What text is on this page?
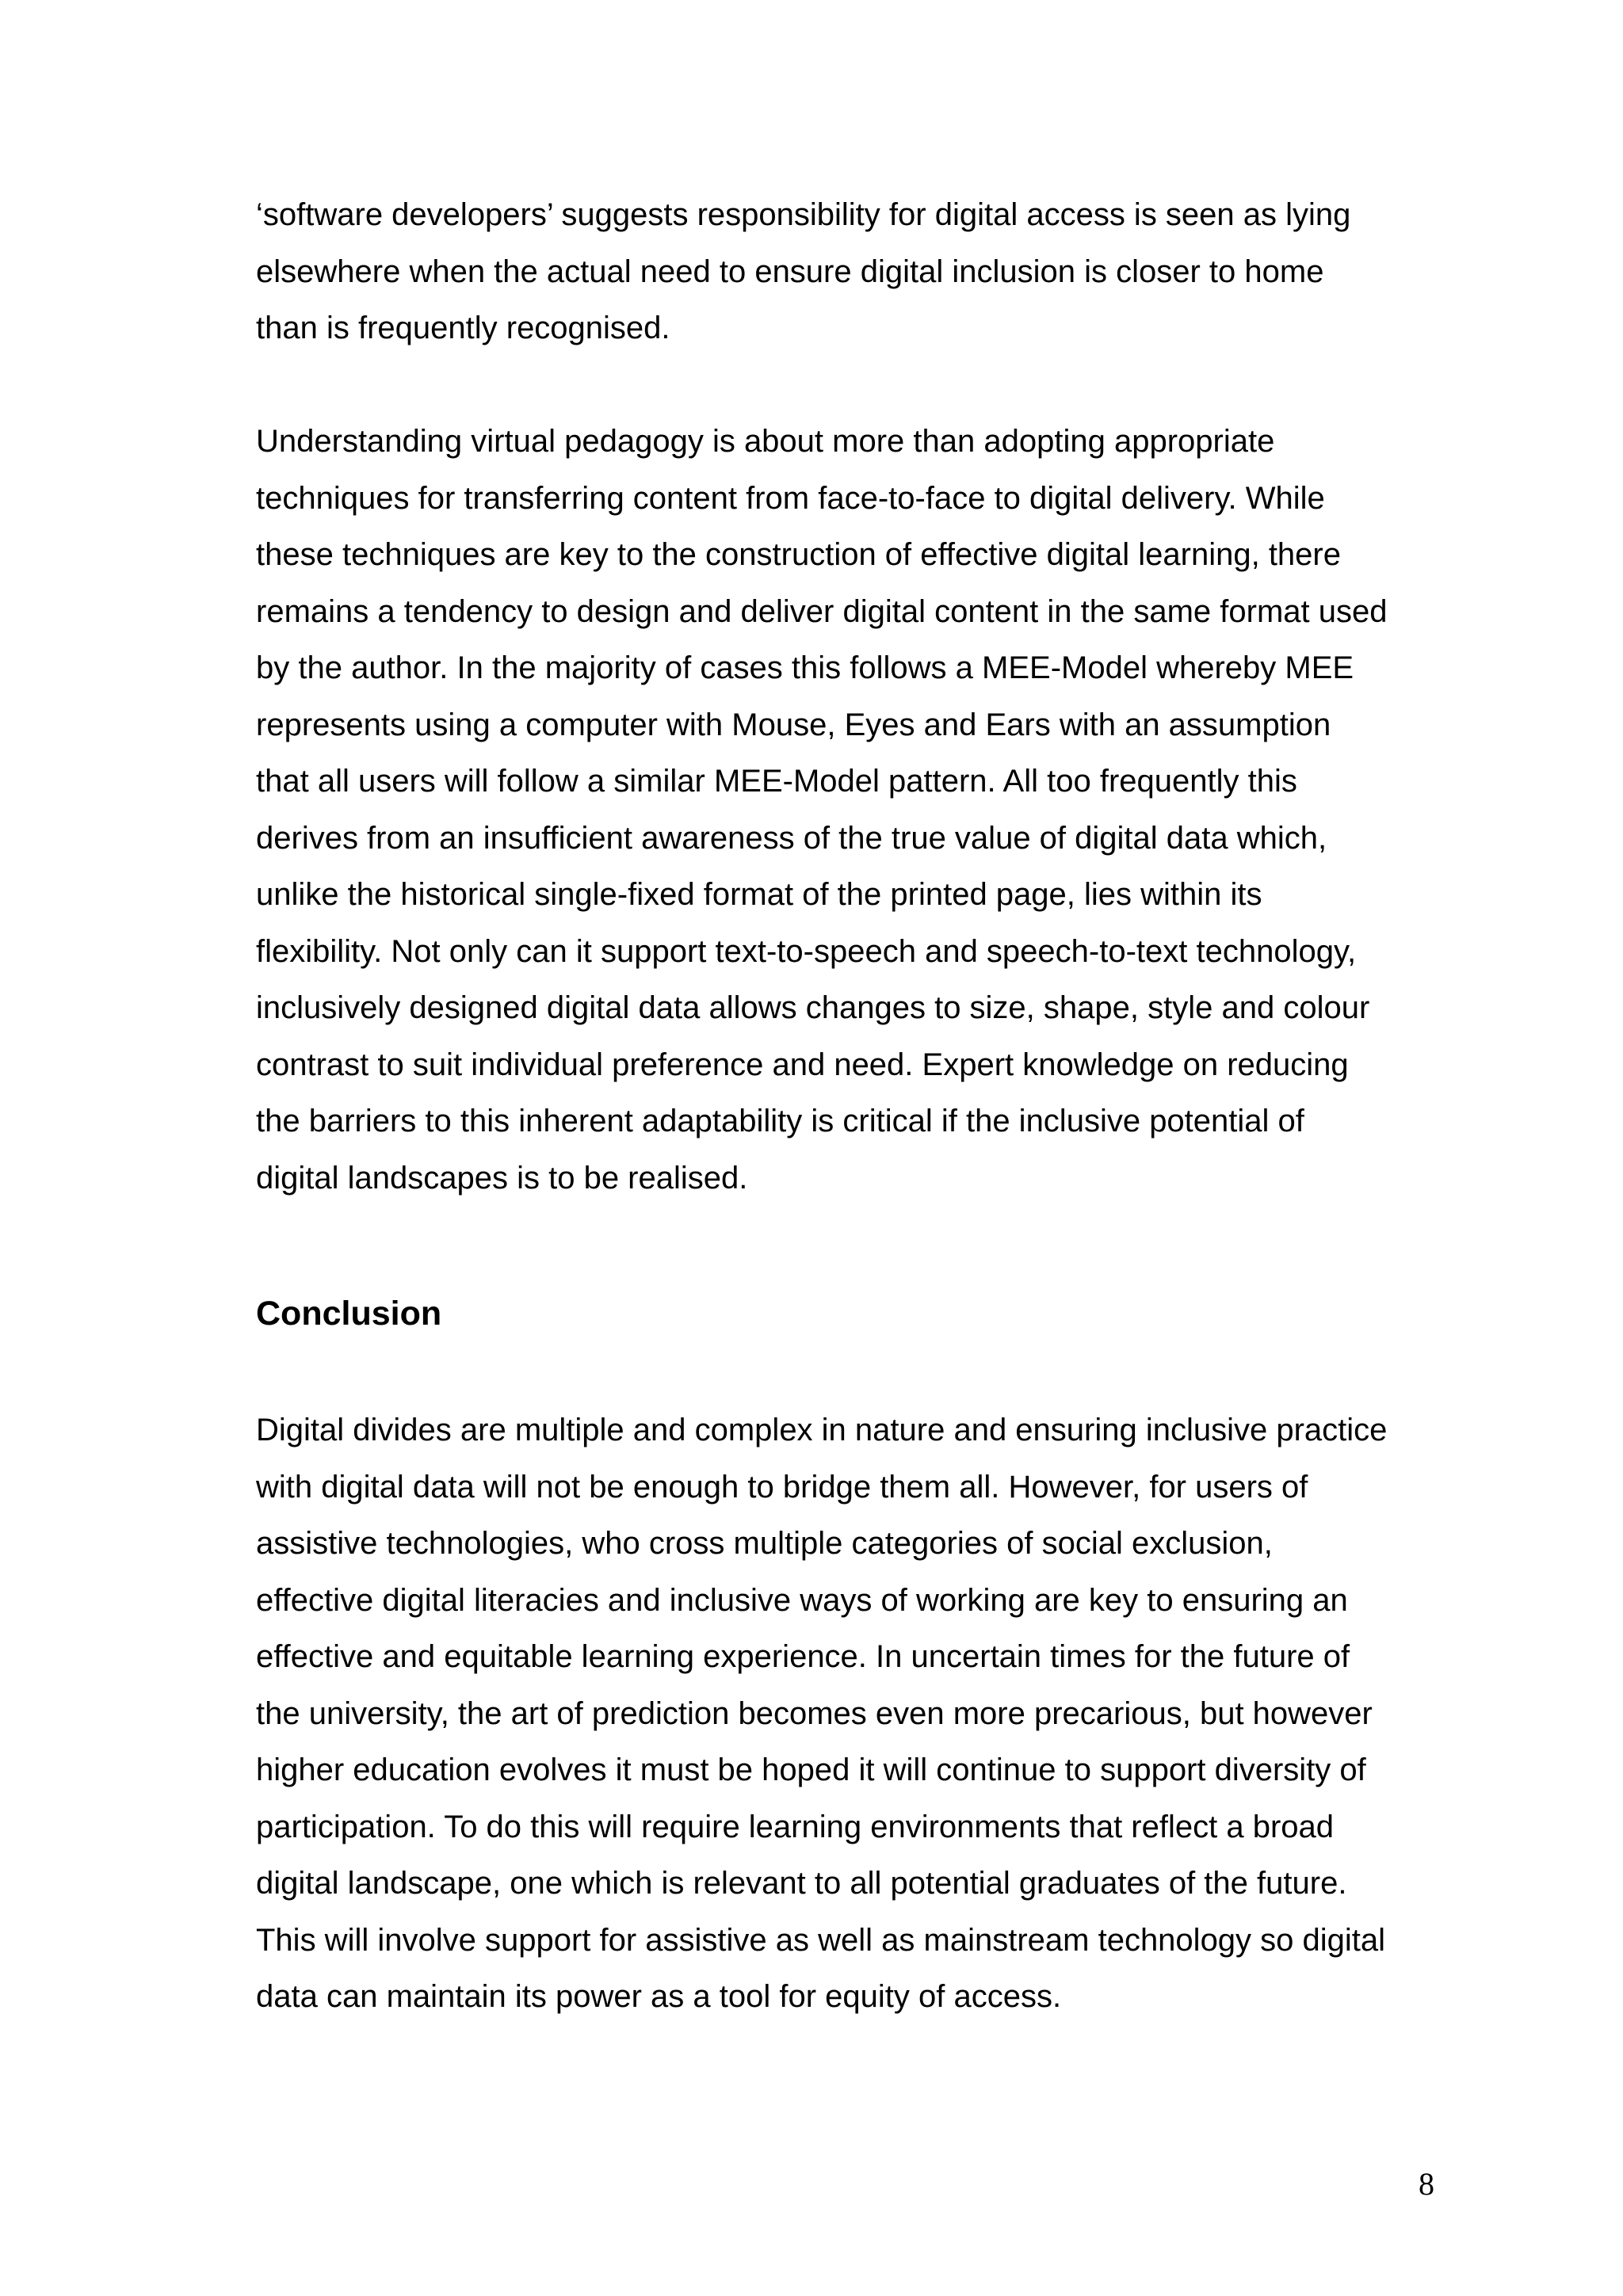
‘software developers’ suggests responsibility for digital access is seen as lying
elsewhere when the actual need to ensure digital inclusion is closer to home
than is frequently recognised.

Understanding virtual pedagogy is about more than adopting appropriate
techniques for transferring content from face-to-face to digital delivery. While
these techniques are key to the construction of effective digital learning, there
remains a tendency to design and deliver digital content in the same format used
by the author. In the majority of cases this follows a MEE-Model whereby MEE
represents using a computer with Mouse, Eyes and Ears with an assumption
that all users will follow a similar MEE-Model pattern. All too frequently this
derives from an insufficient awareness of the true value of digital data which,
unlike the historical single-fixed format of the printed page, lies within its
flexibility. Not only can it support text-to-speech and speech-to-text technology,
inclusively designed digital data allows changes to size, shape, style and colour
contrast to suit individual preference and need. Expert knowledge on reducing
the barriers to this inherent adaptability is critical if the inclusive potential of
digital landscapes is to be realised.

Conclusion

Digital divides are multiple and complex in nature and ensuring inclusive practice
with digital data will not be enough to bridge them all. However, for users of
assistive technologies, who cross multiple categories of social exclusion,
effective digital literacies and inclusive ways of working are key to ensuring an
effective and equitable learning experience. In uncertain times for the future of
the university, the art of prediction becomes even more precarious, but however
higher education evolves it must be hoped it will continue to support diversity of
participation. To do this will require learning environments that reflect a broad
digital landscape, one which is relevant to all potential graduates of the future.
This will involve support for assistive as well as mainstream technology so digital
data can maintain its power as a tool for equity of access.

8
